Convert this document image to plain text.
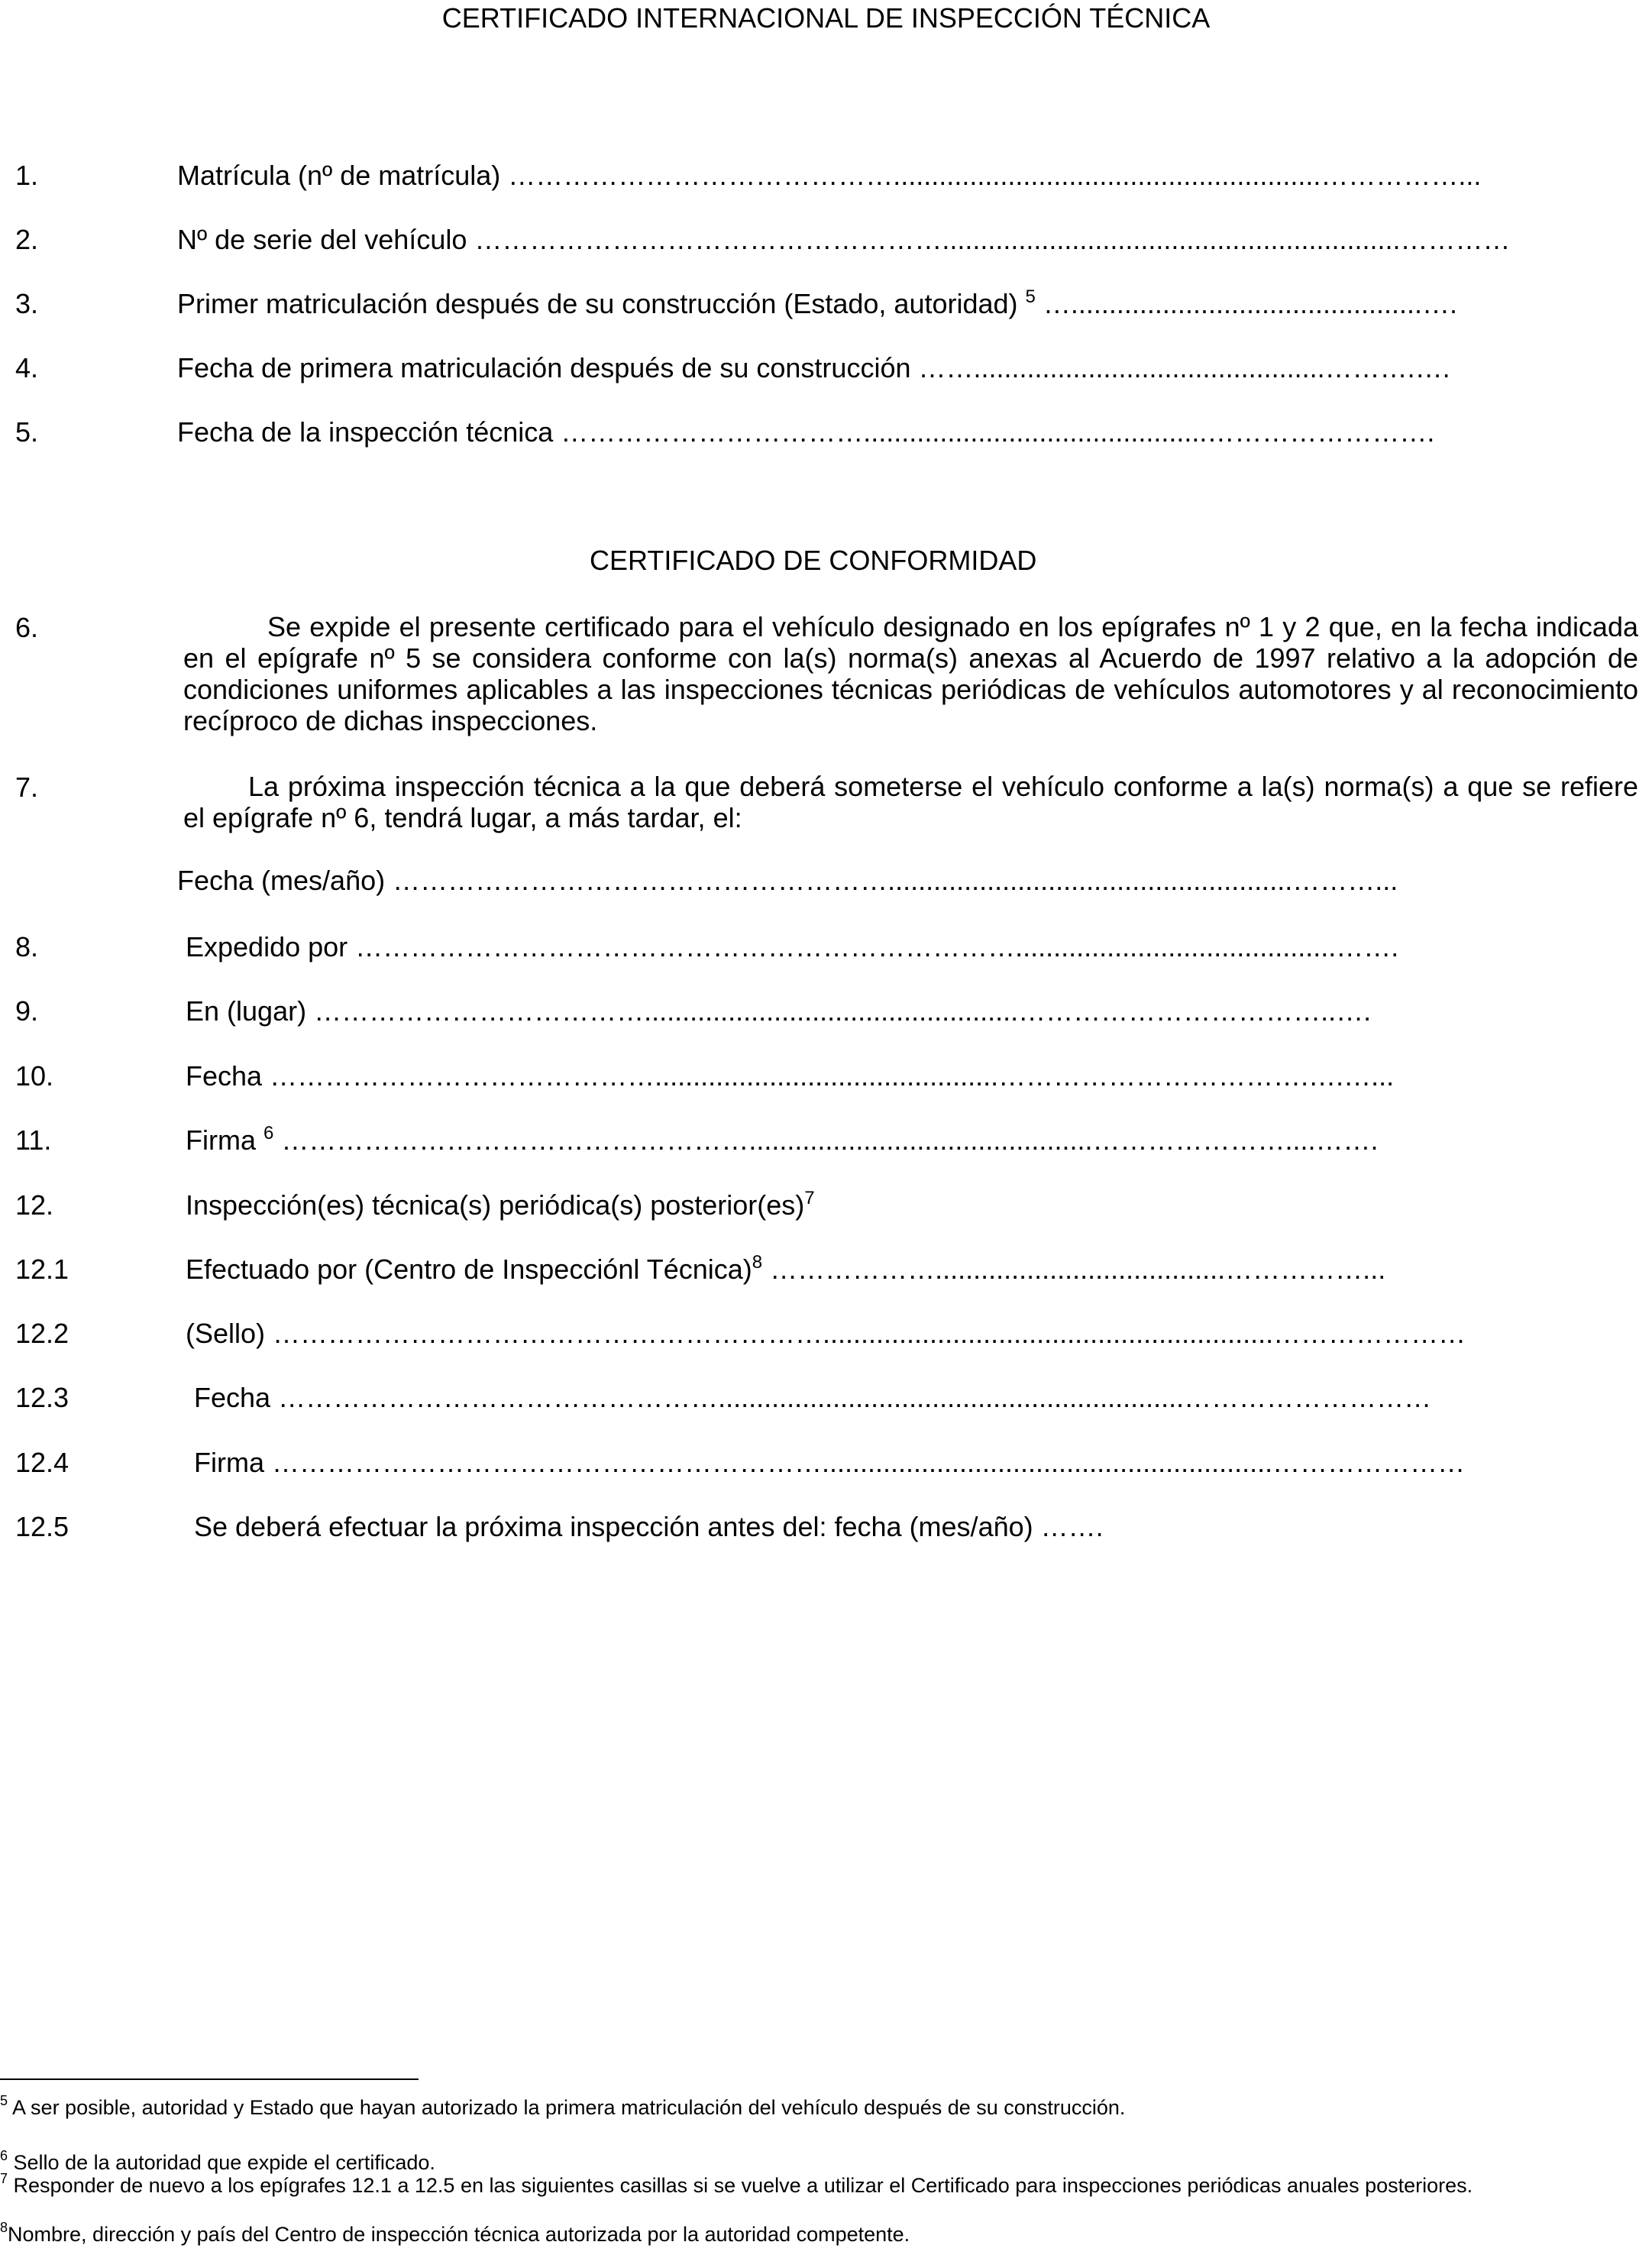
CERTIFICADO INTERNACIONAL DE INSPECCIÓN TÉCNICA
1.	Matrícula (nº de matrícula) ……………………………………........................................................……………...
2.	Nº de serie del vehículo ……………………………………………............................................................…………
3.	Primer matriculación después de su construcción (Estado, autoridad) $^5$ …..............................................….
4.	Fecha de primera matriculación después de su construcción ……..............................................……….….
5.	Fecha de la inspección técnica …………………………….............................................…………………….
CERTIFICADO DE CONFORMIDAD
6.	Se expide el presente certificado para el vehículo designado en los epígrafes nº 1 y 2 que, en la fecha indicada en el epígrafe nº 5 se considera conforme con la(s) norma(s) anexas al Acuerdo de 1997 relativo a la adopción de condiciones uniformes aplicables a las inspecciones técnicas periódicas de vehículos automotores y al reconocimiento recíproco de dichas inspecciones.
7.	La próxima inspección técnica a la que deberá someterse el vehículo conforme a la(s) norma(s) a que se refiere el epígrafe nº 6, tendrá lugar, a más tardar, el:
Fecha (mes/año) ……………………………………………….....................................................………...
8.	Expedido por ………………………………………………………………..........................................…….
9.	En (lugar) ……………………………….................................................……………………………..….
10.	Fecha …………………………………….............................................…………………………….….…...
11.	Firma $^6$ …………………………………………….............................................…………………....…….
12.	Inspección(es) técnica(s) periódica(s) posterior(es)$^7$
12.1	Efectuado por (Centro de Inspecciónl Técnica)$^8$ ………………......................................……………...
12.2	(Sello) ……………………………………………………...........................................................…………………
12.3	Fecha ………………………………………….............................................................………………………
12.4	Firma ……………………………………………………...........................................................…………………
12.5	Se deberá efectuar la próxima inspección antes del: fecha (mes/año) …….
$^5$ A ser posible, autoridad y Estado que hayan autorizado la primera matriculación del vehículo después de su construcción.
$^6$ Sello de la autoridad que expide el certificado.
$^7$ Responder de nuevo a los epígrafes 12.1 a 12.5 en las siguientes casillas si se vuelve a utilizar el Certificado para inspecciones periódicas anuales posteriores.
$^8$Nombre, dirección y país del Centro de inspección técnica autorizada por la autoridad competente.
